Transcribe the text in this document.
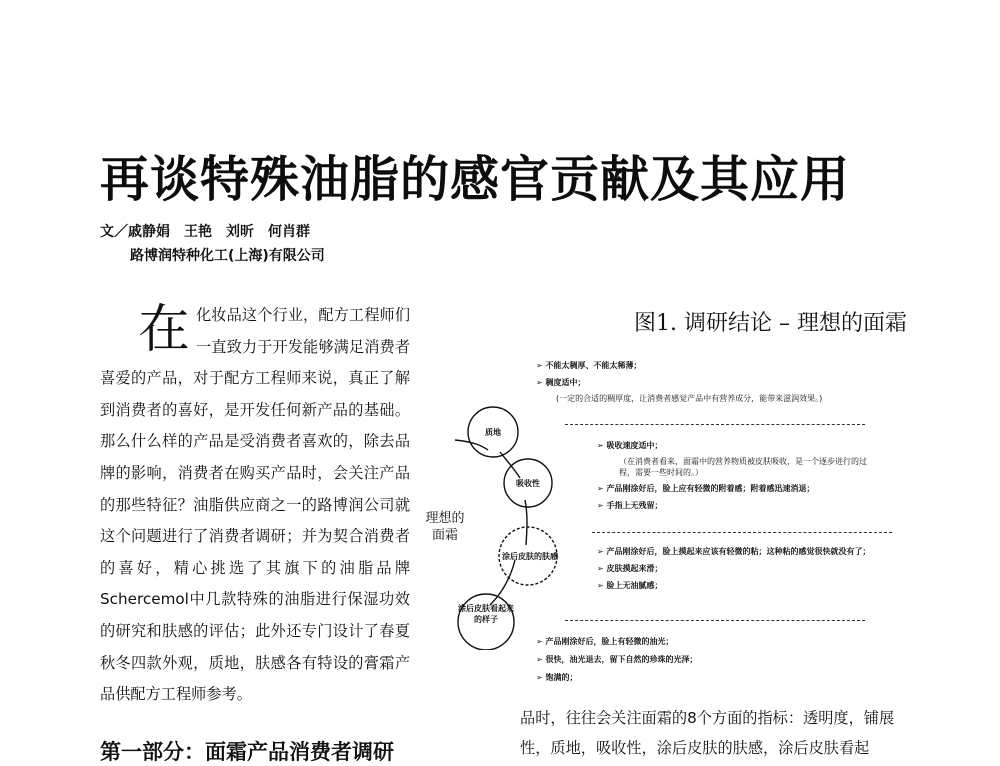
再谈特殊油脂的感官贡献及其应用
文／戚静娟　王艳　刘昕　何肖群
路博润特种化工(上海)有限公司
在 化妆品这个行业，配方工程师们一直致力于开发能够满足消费者喜爱的产品，对于配方工程师来说，真正了解到消费者的喜好，是开发任何新产品的基础。那么什么样的产品是受消费者喜欢的，除去品牌的影响，消费者在购买产品时，会关注产品的那些特征？油脂供应商之一的路博润公司就这个问题进行了消费者调研；并为契合消费者的喜好，精心挑选了其旗下的油脂品牌Schercemol中几款特殊的油脂进行保湿功效的研究和肤感的评估；此外还专门设计了春夏秋冬四款外观，质地，肤感各有特设的膏霜产品供配方工程师参考。

第一部分：面霜产品消费者调研
图1. 调研结论 – 理想的面霜
质地
吸收性
涂后皮肤的肤感
涂后皮肤看起来
的样子
理想的
面霜
➢ 不能太稠厚、不能太稀薄；
➢ 稠度适中；
(一定的合适的稠厚度，让消费者感觉产品中有营养成分，能带来滋润效果。)
➢ 吸收速度适中；
（在消费者看来，面霜中的营养物质被皮肤吸收，是一个逐步进行的过程，需要一些时间的。）
➢ 产品刚涂好后，脸上应有轻微的附着感；附着感迅速消退；
➢ 手指上无残留；
➢ 产品刚涂好后，脸上摸起来应该有轻微的粘；这种粘的感觉很快就没有了；
➢ 皮肤摸起来滑；
➢ 脸上无油腻感；
➢ 产品刚涂好后，脸上有轻微的油光；
➢ 很快，油光退去，留下自然的珍珠的光泽；
➢ 饱满的；

品时，往往会关注面霜的8个方面的指标：透明度，铺展性，质地，吸收性，涂后皮肤的肤感，涂后皮肤看起
